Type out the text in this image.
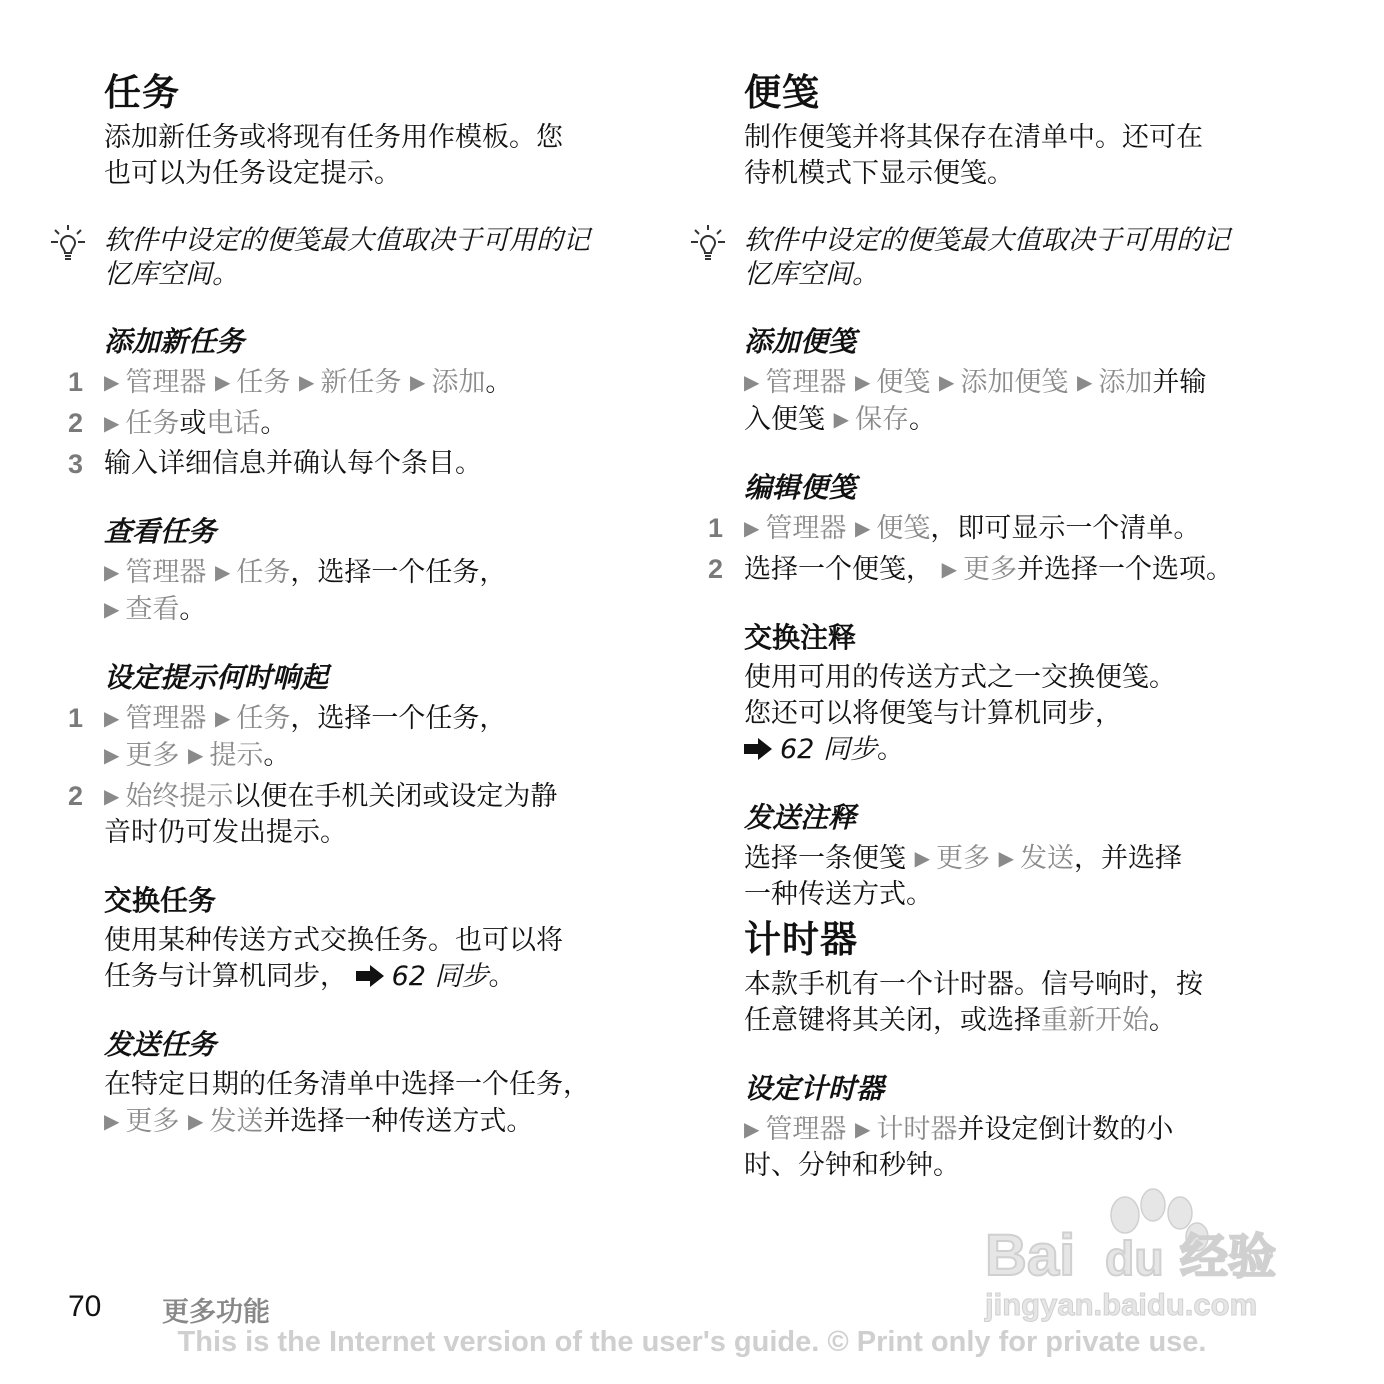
任务

添加新任务或将现有任务用作模板。您
也可以为任务设定提示。

软件中设定的便笺最大值取决于可用的记
忆库空间。
添加新任务
1 ▶ 管理器 ▶ 任务 ▶ 新任务 ▶ 添加。
2 ▶ 任务或电话。
3 输入详细信息并确认每个条目。
查看任务
▶ 管理器 ▶ 任务，选择一个任务，
▶ 查看。
设定提示何时响起
1 ▶ 管理器 ▶ 任务，选择一个任务，
▶ 更多 ▶ 提示。
2 ▶ 始终提示以便在手机关闭或设定为静
音时仍可发出提示。
交换任务

使用某种传送方式交换任务。也可以将
任务与计算机同步， 62 同步。

发送任务

在特定日期的任务清单中选择一个任务，
▶ 更多 ▶ 发送并选择一种传送方式。

便笺

制作便笺并将其保存在清单中。还可在
待机模式下显示便笺。

软件中设定的便笺最大值取决于可用的记
忆库空间。
添加便笺
▶ 管理器 ▶ 便笺 ▶ 添加便笺 ▶ 添加并输
入便笺 ▶ 保存。
编辑便笺
1 ▶ 管理器 ▶ 便笺，即可显示一个清单。
2 选择一个便笺， ▶ 更多并选择一个选项。
交换注释

使用可用的传送方式之一交换便笺。
您还可以将便笺与计算机同步，
62 同步。

发送注释

选择一条便笺 ▶ 更多 ▶ 发送，并选择
一种传送方式。

计时器

本款手机有一个计时器。信号响时，按
任意键将其关闭，或选择重新开始。

设定计时器
▶ 管理器 ▶ 计时器并设定倒计数的小
时、分钟和秒钟。
Bai du 经验
jingyan.baidu.com
70 更多功能
This is the Internet version of the user's guide. © Print only for private use.
